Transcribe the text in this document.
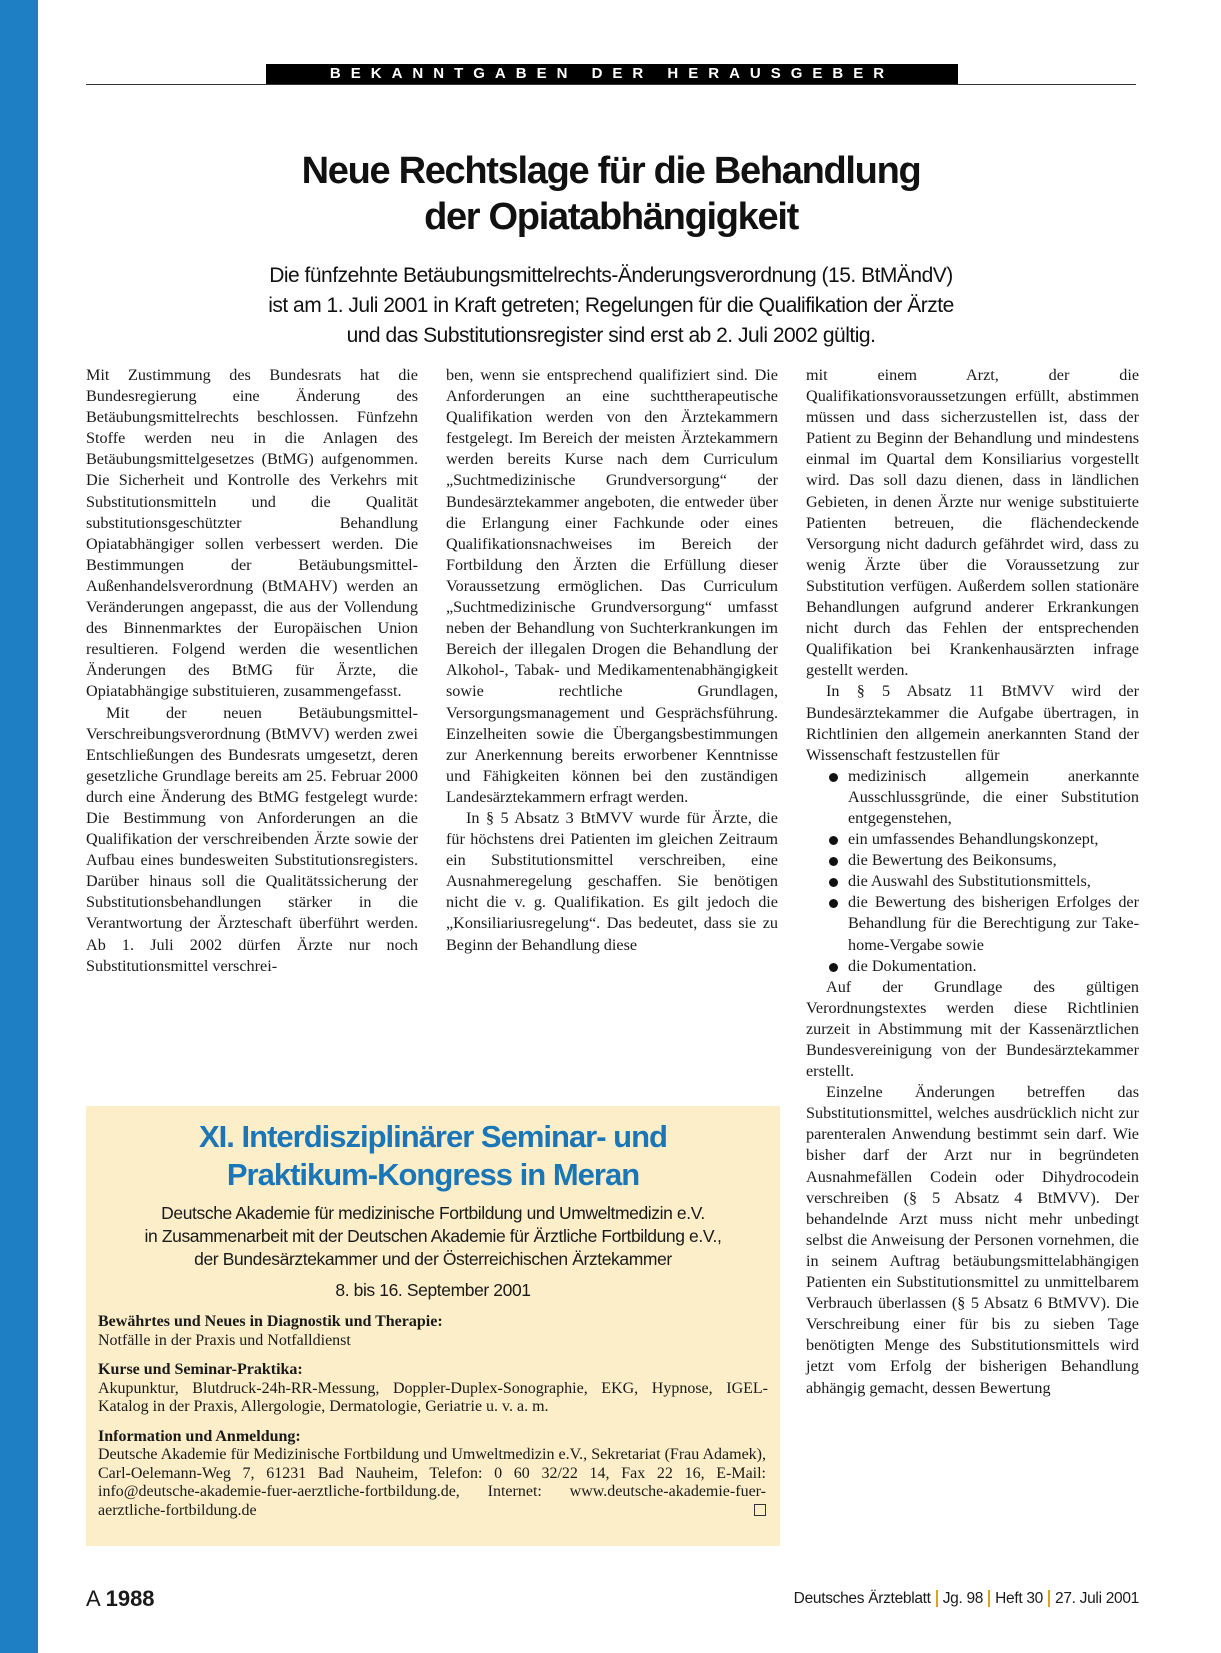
BEKANNTGABEN DER HERAUSGEBER
Neue Rechtslage für die Behandlung
der Opiatabhängigkeit
Die fünfzehnte Betäubungsmittelrechts-Änderungsverordnung (15. BtMÄndV)
ist am 1. Juli 2001 in Kraft getreten; Regelungen für die Qualifikation der Ärzte
und das Substitutionsregister sind erst ab 2. Juli 2002 gültig.

Mit Zustimmung des Bundesrats hat die Bundesregierung eine Änderung des Betäubungsmittelrechts beschlossen. Fünfzehn Stoffe werden neu in die Anlagen des Betäubungsmittelgesetzes (BtMG) aufgenommen. Die Sicherheit und Kontrolle des Verkehrs mit Substitutionsmitteln und die Qualität substitutionsgeschützter Behandlung Opiatabhängiger sollen verbessert werden. Die Bestimmungen der Betäubungsmittel-Außenhandelsverordnung (BtMAHV) werden an Veränderungen angepasst, die aus der Vollendung des Binnenmarktes der Europäischen Union resultieren. Folgend werden die wesentlichen Änderungen des BtMG für Ärzte, die Opiatabhängige substituieren, zusammengefasst.

Mit der neuen Betäubungsmittel-Verschreibungsverordnung (BtMVV) werden zwei Entschließungen des Bundesrats umgesetzt, deren gesetzliche Grundlage bereits am 25. Februar 2000 durch eine Änderung des BtMG festgelegt wurde: Die Bestimmung von Anforderungen an die Qualifikation der verschreibenden Ärzte sowie der Aufbau eines bundesweiten Substitutionsregisters. Darüber hinaus soll die Qualitätssicherung der Substitutionsbehandlungen stärker in die Verantwortung der Ärzteschaft überführt werden. Ab 1. Juli 2002 dürfen Ärzte nur noch Substitutionsmittel verschrei-

ben, wenn sie entsprechend qualifiziert sind. Die Anforderungen an eine suchttherapeutische Qualifikation werden von den Ärztekammern festgelegt. Im Bereich der meisten Ärztekammern werden bereits Kurse nach dem Curriculum „Suchtmedizinische Grundversorgung“ der Bundesärztekammer angeboten, die entweder über die Erlangung einer Fachkunde oder eines Qualifikationsnachweises im Bereich der Fortbildung den Ärzten die Erfüllung dieser Voraussetzung ermöglichen. Das Curriculum „Suchtmedizinische Grundversorgung“ umfasst neben der Behandlung von Suchterkrankungen im Bereich der illegalen Drogen die Behandlung der Alkohol-, Tabak- und Medikamentenabhängigkeit sowie rechtliche Grundlagen, Versorgungsmanagement und Gesprächsführung. Einzelheiten sowie die Übergangsbestimmungen zur Anerkennung bereits erworbener Kenntnisse und Fähigkeiten können bei den zuständigen Landesärztekammern erfragt werden.

In § 5 Absatz 3 BtMVV wurde für Ärzte, die für höchstens drei Patienten im gleichen Zeitraum ein Substitutionsmittel verschreiben, eine Ausnahmeregelung geschaffen. Sie benötigen nicht die v. g. Qualifikation. Es gilt jedoch die „Konsiliariusregelung“. Das bedeutet, dass sie zu Beginn der Behandlung diese

mit einem Arzt, der die Qualifikationsvoraussetzungen erfüllt, abstimmen müssen und dass sicherzustellen ist, dass der Patient zu Beginn der Behandlung und mindestens einmal im Quartal dem Konsiliarius vorgestellt wird. Das soll dazu dienen, dass in ländlichen Gebieten, in denen Ärzte nur wenige substituierte Patienten betreuen, die flächendeckende Versorgung nicht dadurch gefährdet wird, dass zu wenig Ärzte über die Voraussetzung zur Substitution verfügen. Außerdem sollen stationäre Behandlungen aufgrund anderer Erkrankungen nicht durch das Fehlen der entsprechenden Qualifikation bei Krankenhausärzten infrage gestellt werden.

In § 5 Absatz 11 BtMVV wird der Bundesärztekammer die Aufgabe übertragen, in Richtlinien den allgemein anerkannten Stand der Wissenschaft festzustellen für

medizinisch allgemein anerkannte Ausschlussgründe, die einer Substitution entgegenstehen,
ein umfassendes Behandlungskonzept,
die Bewertung des Beikonsums,
die Auswahl des Substitutionsmittels,
die Bewertung des bisherigen Erfolges der Behandlung für die Berechtigung zur Take-home-Vergabe sowie
die Dokumentation.

Auf der Grundlage des gültigen Verordnungstextes werden diese Richtlinien zurzeit in Abstimmung mit der Kassenärztlichen Bundesvereinigung von der Bundesärztekammer erstellt.

Einzelne Änderungen betreffen das Substitutionsmittel, welches ausdrücklich nicht zur parenteralen Anwendung bestimmt sein darf. Wie bisher darf der Arzt nur in begründeten Ausnahmefällen Codein oder Dihydrocodein verschreiben (§ 5 Absatz 4 BtMVV). Der behandelnde Arzt muss nicht mehr unbedingt selbst die Anweisung der Personen vornehmen, die in seinem Auftrag betäubungsmittelabhängigen Patienten ein Substitutionsmittel zu unmittelbarem Verbrauch überlassen (§ 5 Absatz 6 BtMVV). Die Verschreibung einer für bis zu sieben Tage benötigten Menge des Substitutionsmittels wird jetzt vom Erfolg der bisherigen Behandlung abhängig gemacht, dessen Bewertung

XI. Interdisziplinärer Seminar- und
Praktikum-Kongress in Meran
Deutsche Akademie für medizinische Fortbildung und Umweltmedizin e.V.
in Zusammenarbeit mit der Deutschen Akademie für Ärztliche Fortbildung e.V.,
der Bundesärztekammer und der Österreichischen Ärztekammer
8. bis 16. September 2001
Bewährtes und Neues in Diagnostik und Therapie:
Notfälle in der Praxis und Notfalldienst
Kurse und Seminar-Praktika:
Akupunktur, Blutdruck-24h-RR-Messung, Doppler-Duplex-Sonographie, EKG, Hypnose, IGEL-Katalog in der Praxis, Allergologie, Dermatologie, Geriatrie u. v. a. m.
Information und Anmeldung:
Deutsche Akademie für Medizinische Fortbildung und Umweltmedizin e.V., Sekretariat (Frau Adamek), Carl-Oelemann-Weg 7, 61231 Bad Nauheim, Telefon: 0 60 32/22 14, Fax 22 16, E-Mail: info@deutsche-akademie-fuer-aerztliche-fortbildung.de, Internet: www.deutsche-akademie-fuer-aerztliche-fortbildung.de
A 1988	Deutsches Ärzteblatt Jg. 98 Heft 30 27. Juli 2001
